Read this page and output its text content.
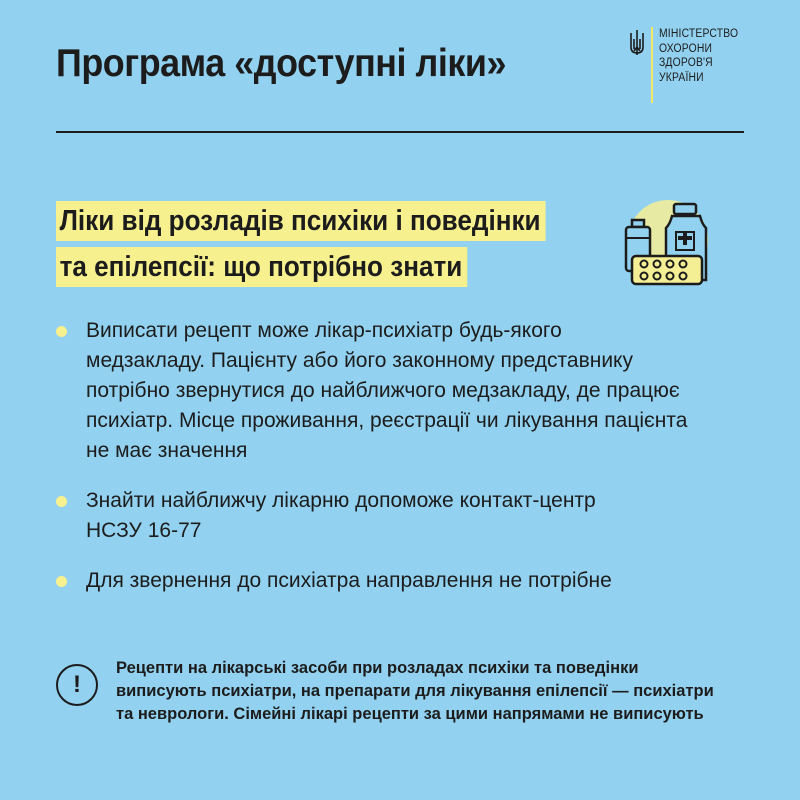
Програма «доступні ліки»
МІНІСТЕРСТВО
ОХОРОНИ
ЗДОРОВ'Я
УКРАЇНИ
Ліки від розладів психіки і поведінки
та епілепсії: що потрібно знати
Виписати рецепт може лікар-психіатр будь-якого
медзакладу. Пацієнту або його законному представнику
потрібно звернутися до найближчого медзакладу, де працює
психіатр. Місце проживання, реєстрації чи лікування пацієнта
не має значення
Знайти найближчу лікарню допоможе контакт-центр
НСЗУ 16-77
Для звернення до психіатра направлення не потрібне
!
Рецепти на лікарські засоби при розладах психіки та поведінки
виписують психіатри, на препарати для лікування епілепсії — психіатри
та неврологи. Сімейні лікарі рецепти за цими напрямами не виписують
